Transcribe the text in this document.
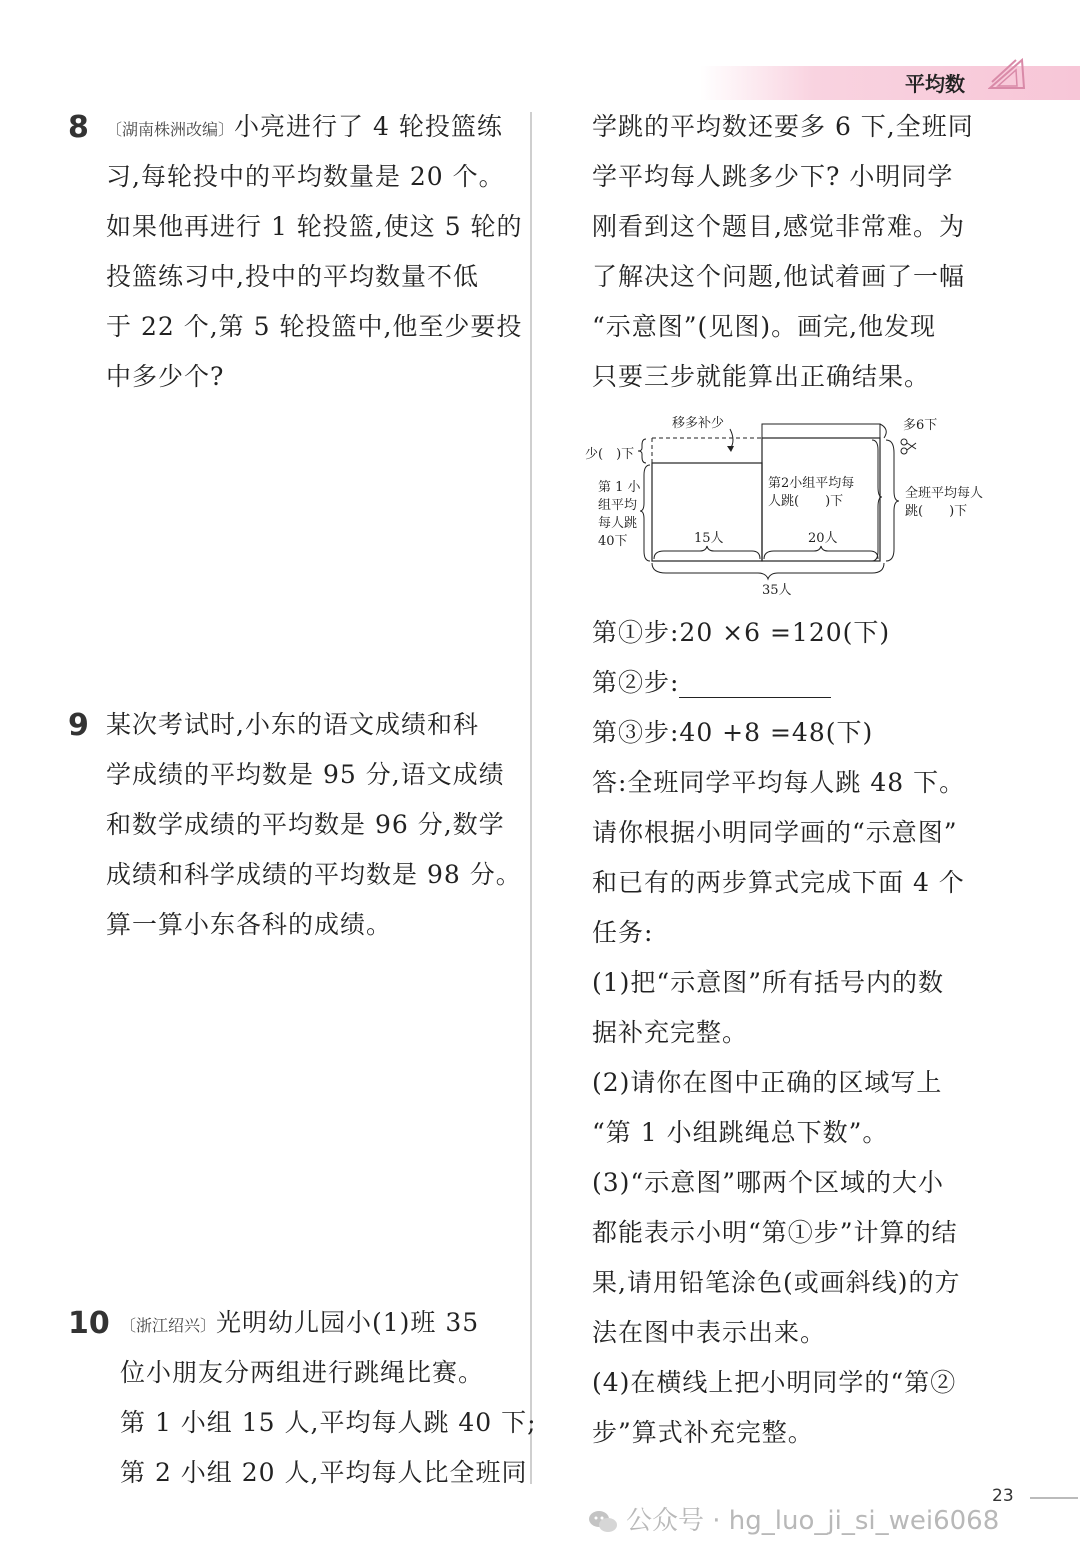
平均数
8 〔湖南株洲改编〕小亮进行了 4 轮投篮练
习,每轮投中的平均数量是 20 个。
如果他再进行 1 轮投篮,使这 5 轮的
投篮练习中,投中的平均数量不低
于 22 个,第 5 轮投篮中,他至少要投
中多少个?
9 某次考试时,小东的语文成绩和科
学成绩的平均数是 95 分,语文成绩
和数学成绩的平均数是 96 分,数学
成绩和科学成绩的平均数是 98 分。
算一算小东各科的成绩。
10 〔浙江绍兴〕光明幼儿园小(1)班 35
位小朋友分两组进行跳绳比赛。
第 1 小组 15 人,平均每人跳 40 下;
第 2 小组 20 人,平均每人比全班同
学跳的平均数还要多 6 下,全班同
学平均每人跳多少下? 小明同学
刚看到这个题目,感觉非常难。为
了解决这个问题,他试着画了一幅
“示意图”(见图)。画完,他发现
只要三步就能算出正确结果。
移多补少	多6下
少(　)下
第 1 小
组平均
每人跳
40下
第2小组平均每
人跳(　　)下
全班平均每人
跳(　　)下
15人	20人
35人
第①步:20 ×6 =120(下)
第②步:
第③步:40 +8 =48(下)
答:全班同学平均每人跳 48 下。
请你根据小明同学画的“示意图”
和已有的两步算式完成下面 4 个
任务:
(1)把“示意图”所有括号内的数
据补充完整。
(2)请你在图中正确的区域写上
“第 1 小组跳绳总下数”。
(3)“示意图”哪两个区域的大小
都能表示小明“第①步”计算的结
果,请用铅笔涂色(或画斜线)的方
法在图中表示出来。
(4)在横线上把小明同学的“第②
步”算式补充完整。
23
公众号 · hg_luo_ji_si_wei6068
